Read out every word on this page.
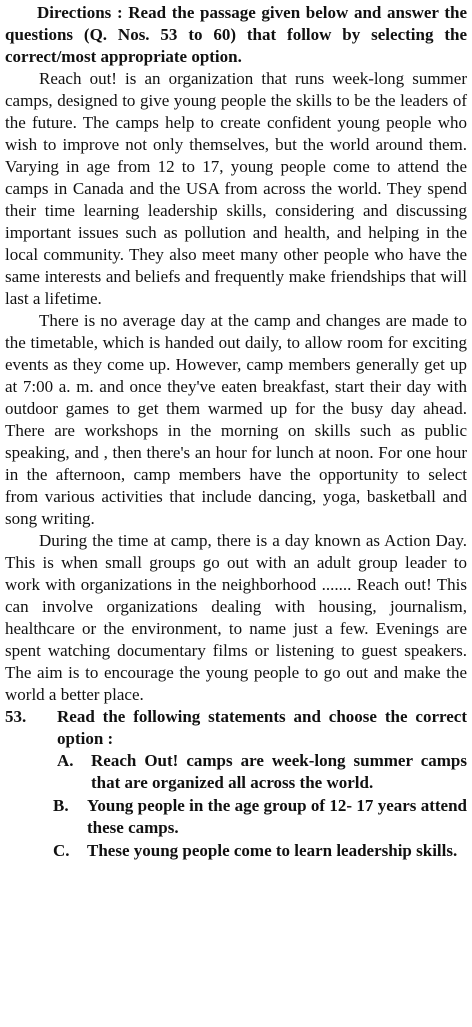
Directions : Read the passage given below and answer the questions (Q. Nos. 53 to 60) that follow by selecting the correct/most appropriate option.

Reach out! is an organization that runs week-long summer camps, designed to give young people the skills to be the leaders of the future. The camps help to create confident young people who wish to improve not only themselves, but the world around them. Varying in age from 12 to 17, young people come to attend the camps in Canada and the USA from across the world. They spend their time learning leadership skills, considering and discussing important issues such as pollution and health, and helping in the local community. They also meet many other people who have the same interests and beliefs and frequently make friendships that will last a lifetime.

There is no average day at the camp and changes are made to the timetable, which is handed out daily, to allow room for exciting events as they come up. However, camp members generally get up at 7:00 a. m. and once they've eaten breakfast, start their day with outdoor games to get them warmed up for the busy day ahead. There are workshops in the morning on skills such as public speaking, and , then there's an hour for lunch at noon. For one hour in the afternoon, camp members have the opportunity to select from various activities that include dancing, yoga, basketball and song writing.

During the time at camp, there is a day known as Action Day. This is when small groups go out with an adult group leader to work with organizations in the neighborhood ....... Reach out! This can involve organizations dealing with housing, journalism, healthcare or the environment, to name just a few. Evenings are spent watching documentary films or listening to guest speakers. The aim is to encourage the young people to go out and make the world a better place.

53.	Read the following statements and choose the correct option :
A.	Reach Out! camps are week-long summer camps that are organized all across the world.
B.	Young people in the age group of 12- 17 years attend these camps.
C.	These young people come to learn leadership skills.
